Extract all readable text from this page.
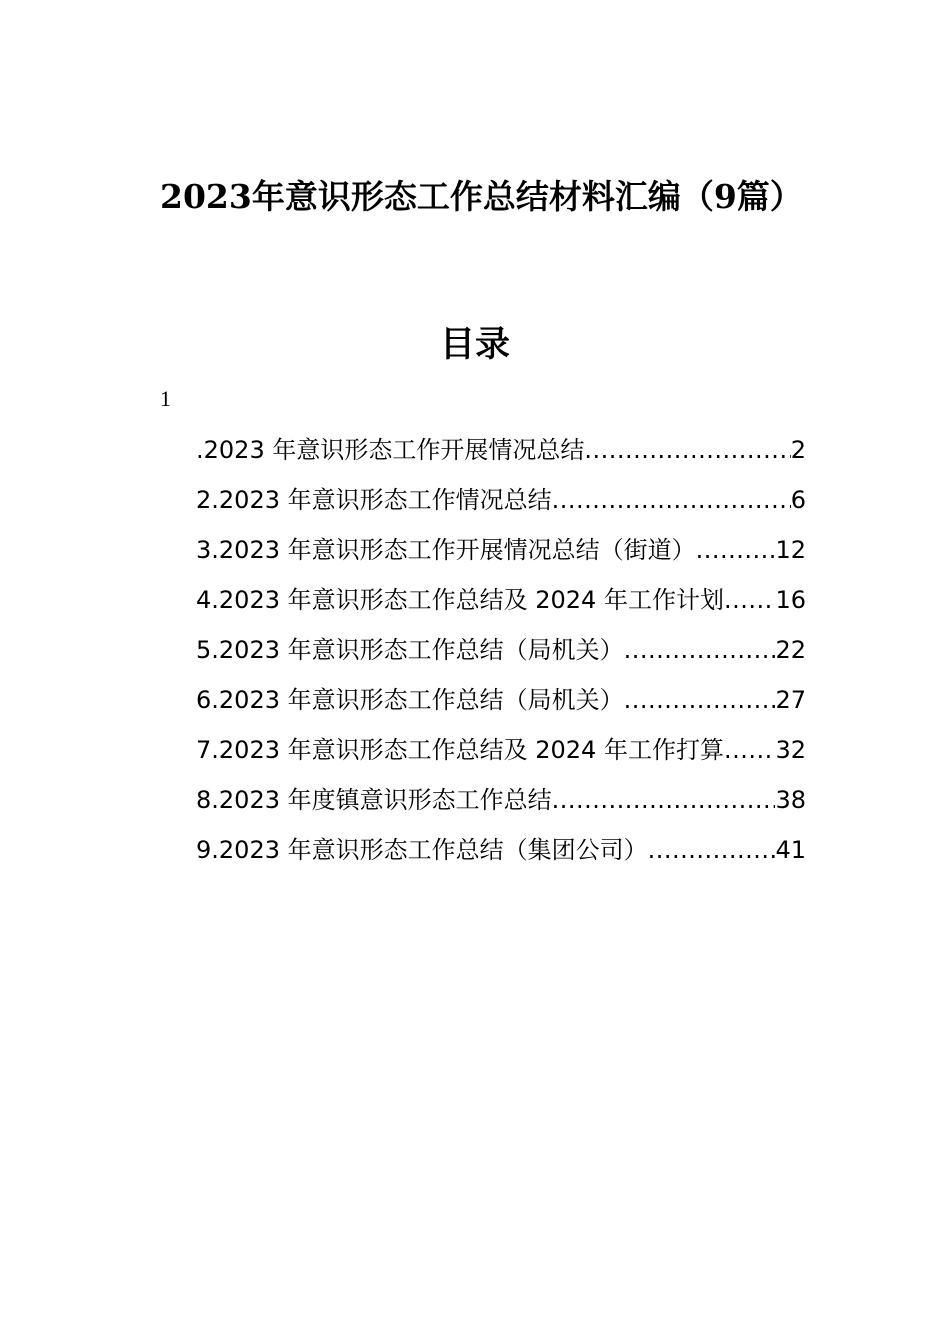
2023年意识形态工作总结材料汇编（9篇）
目录
1
.2023 年意识形态工作开展情况总结 .....	2
2.2023 年意识形态工作情况总结 .....	6
3.2023 年意识形态工作开展情况总结（街道） .....	12
4.2023 年意识形态工作总结及 2024 年工作计划 ..... 16
5.2023 年意识形态工作总结（局机关） .....	22
6.2023 年意识形态工作总结（局机关） .....	27
7.2023 年意识形态工作总结及 2024 年工作打算 ..... 32
8.2023 年度镇意识形态工作总结 .....	38
9.2023 年意识形态工作总结（集团公司） .....	41
